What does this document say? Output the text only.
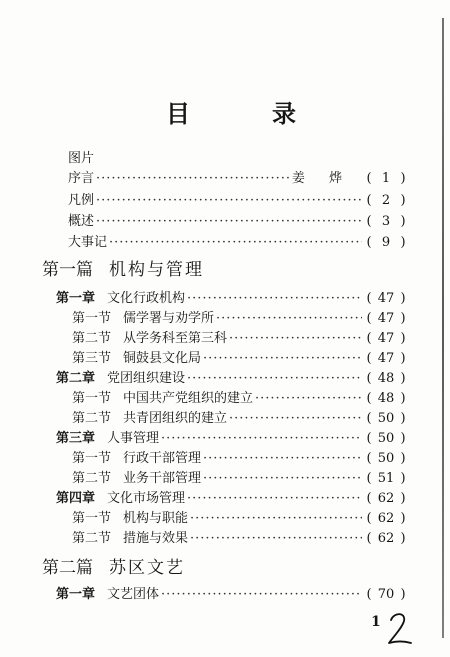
目	录
图片
序言 ·····	姜 烨 ( 1 )
凡例 ·····	( 2 )
概述 ·····	( 3 )
大事记 ·····	( 9 )
第一篇 机构与管理
第一章 文化行政机构 ·····	( 47 )
第一节 儒学署与劝学所 ·····	( 47 )
第二节 从学务科至第三科 ·····	( 47 )
第三节 铜鼓县文化局 ·····	( 47 )
第二章 党团组织建设 ·····	( 48 )
第一节 中国共产党组织的建立 ·····	( 48 )
第二节 共青团组织的建立 ·····	( 50 )
第三章 人事管理 ·····	( 50 )
第一节 行政干部管理 ·····	( 50 )
第二节 业务干部管理 ·····	( 51 )
第四章 文化市场管理 ·····	( 62 )
第一节 机构与职能 ·····	( 62 )
第二节 措施与效果 ·····	( 62 )
第二篇 苏区文艺
第一章 文艺团体 ·····	( 70 )
1
